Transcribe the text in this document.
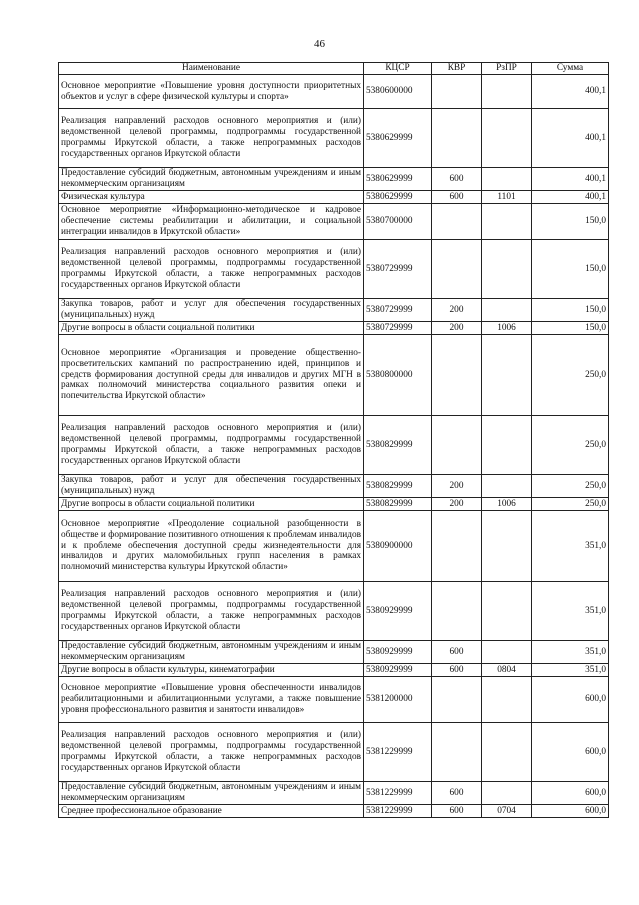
46
Наименование	КЦСР	КВР	РзПР	Сумма
Основное мероприятие «Повышение уровня доступности приоритетных объектов и услуг в сфере физической культуры и спорта»	5380600000			400,1
Реализация направлений расходов основного мероприятия и (или) ведомственной целевой программы, подпрограммы государственной программы Иркутской области, а также непрограммных расходов государственных органов Иркутской области	5380629999			400,1
Предоставление субсидий бюджетным, автономным учреждениям и иным некоммерческим организациям	5380629999	600		400,1
Физическая культура	5380629999	600	1101	400,1
Основное мероприятие «Информационно-методическое и кадровое обеспечение системы реабилитации и абилитации, и социальной интеграции инвалидов в Иркутской области»	5380700000			150,0
Реализация направлений расходов основного мероприятия и (или) ведомственной целевой программы, подпрограммы государственной программы Иркутской области, а также непрограммных расходов государственных органов Иркутской области	5380729999			150,0
Закупка товаров, работ и услуг для обеспечения государственных (муниципальных) нужд	5380729999	200		150,0
Другие вопросы в области социальной политики	5380729999	200	1006	150,0
Основное мероприятие «Организация и проведение общественно-просветительских кампаний по распространению идей, принципов и средств формирования доступной среды для инвалидов и других МГН в рамках полномочий министерства социального развития опеки и попечительства Иркутской области»	5380800000			250,0
Реализация направлений расходов основного мероприятия и (или) ведомственной целевой программы, подпрограммы государственной программы Иркутской области, а также непрограммных расходов государственных органов Иркутской области	5380829999			250,0
Закупка товаров, работ и услуг для обеспечения государственных (муниципальных) нужд	5380829999	200		250,0
Другие вопросы в области социальной политики	5380829999	200	1006	250,0
Основное мероприятие «Преодоление социальной разобщенности в обществе и формирование позитивного отношения к проблемам инвалидов и к проблеме обеспечения доступной среды жизнедеятельности для инвалидов и других маломобильных групп населения в рамках полномочий министерства культуры Иркутской области»	5380900000			351,0
Реализация направлений расходов основного мероприятия и (или) ведомственной целевой программы, подпрограммы государственной программы Иркутской области, а также непрограммных расходов государственных органов Иркутской области	5380929999			351,0
Предоставление субсидий бюджетным, автономным учреждениям и иным некоммерческим организациям	5380929999	600		351,0
Другие вопросы в области культуры, кинематографии	5380929999	600	0804	351,0
Основное мероприятие «Повышение уровня обеспеченности инвалидов реабилитационными и абилитационными услугами, а также повышение уровня профессионального развития и занятости инвалидов»	5381200000			600,0
Реализация направлений расходов основного мероприятия и (или) ведомственной целевой программы, подпрограммы государственной программы Иркутской области, а также непрограммных расходов государственных органов Иркутской области	5381229999			600,0
Предоставление субсидий бюджетным, автономным учреждениям и иным некоммерческим организациям	5381229999	600		600,0
Среднее профессиональное образование	5381229999	600	0704	600,0
